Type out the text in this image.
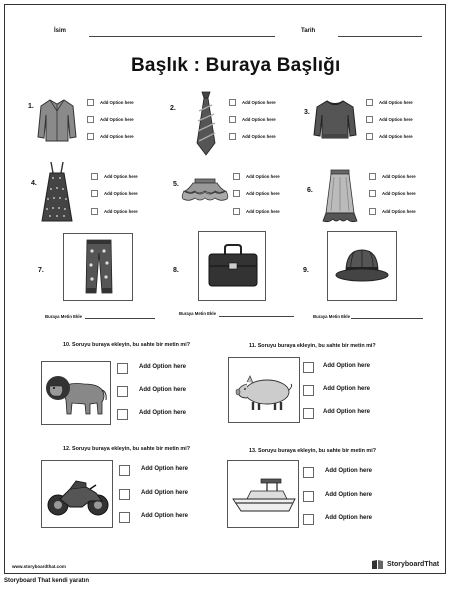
İsim	Tarih
Başlık : Buraya Başlığı
1.	2.
3.
Add Option here
Add Option here
Add Option here
Add Option here
Add Option here
Add Option here
Add Option here
Add Option here
Add Option here
4.	5.
6.
Add Option here
Add Option here
Add Option here
Add Option here
Add Option here
Add Option here
Add Option here
Add Option here
Add Option here
7.
Buraya Metin Ekle
8.
Buraya Metin Ekle
9.
Buraya Metin Ekle
10. Soruyu buraya ekleyin, bu sahte bir metin mi?
Add Option here
Add Option here
Add Option here
11. Soruyu buraya ekleyin, bu sahte bir metin mi?
Add Option here
Add Option here
Add Option here
12. Soruyu buraya ekleyin, bu sahte bir metin mi?
Add Option here
Add Option here
Add Option here
13. Soruyu buraya ekleyin, bu sahte bir metin mi?
Add Option here
Add Option here
Add Option here
www.storyboardthat.com	StoryboardThat
Storyboard That kendi yaratın
